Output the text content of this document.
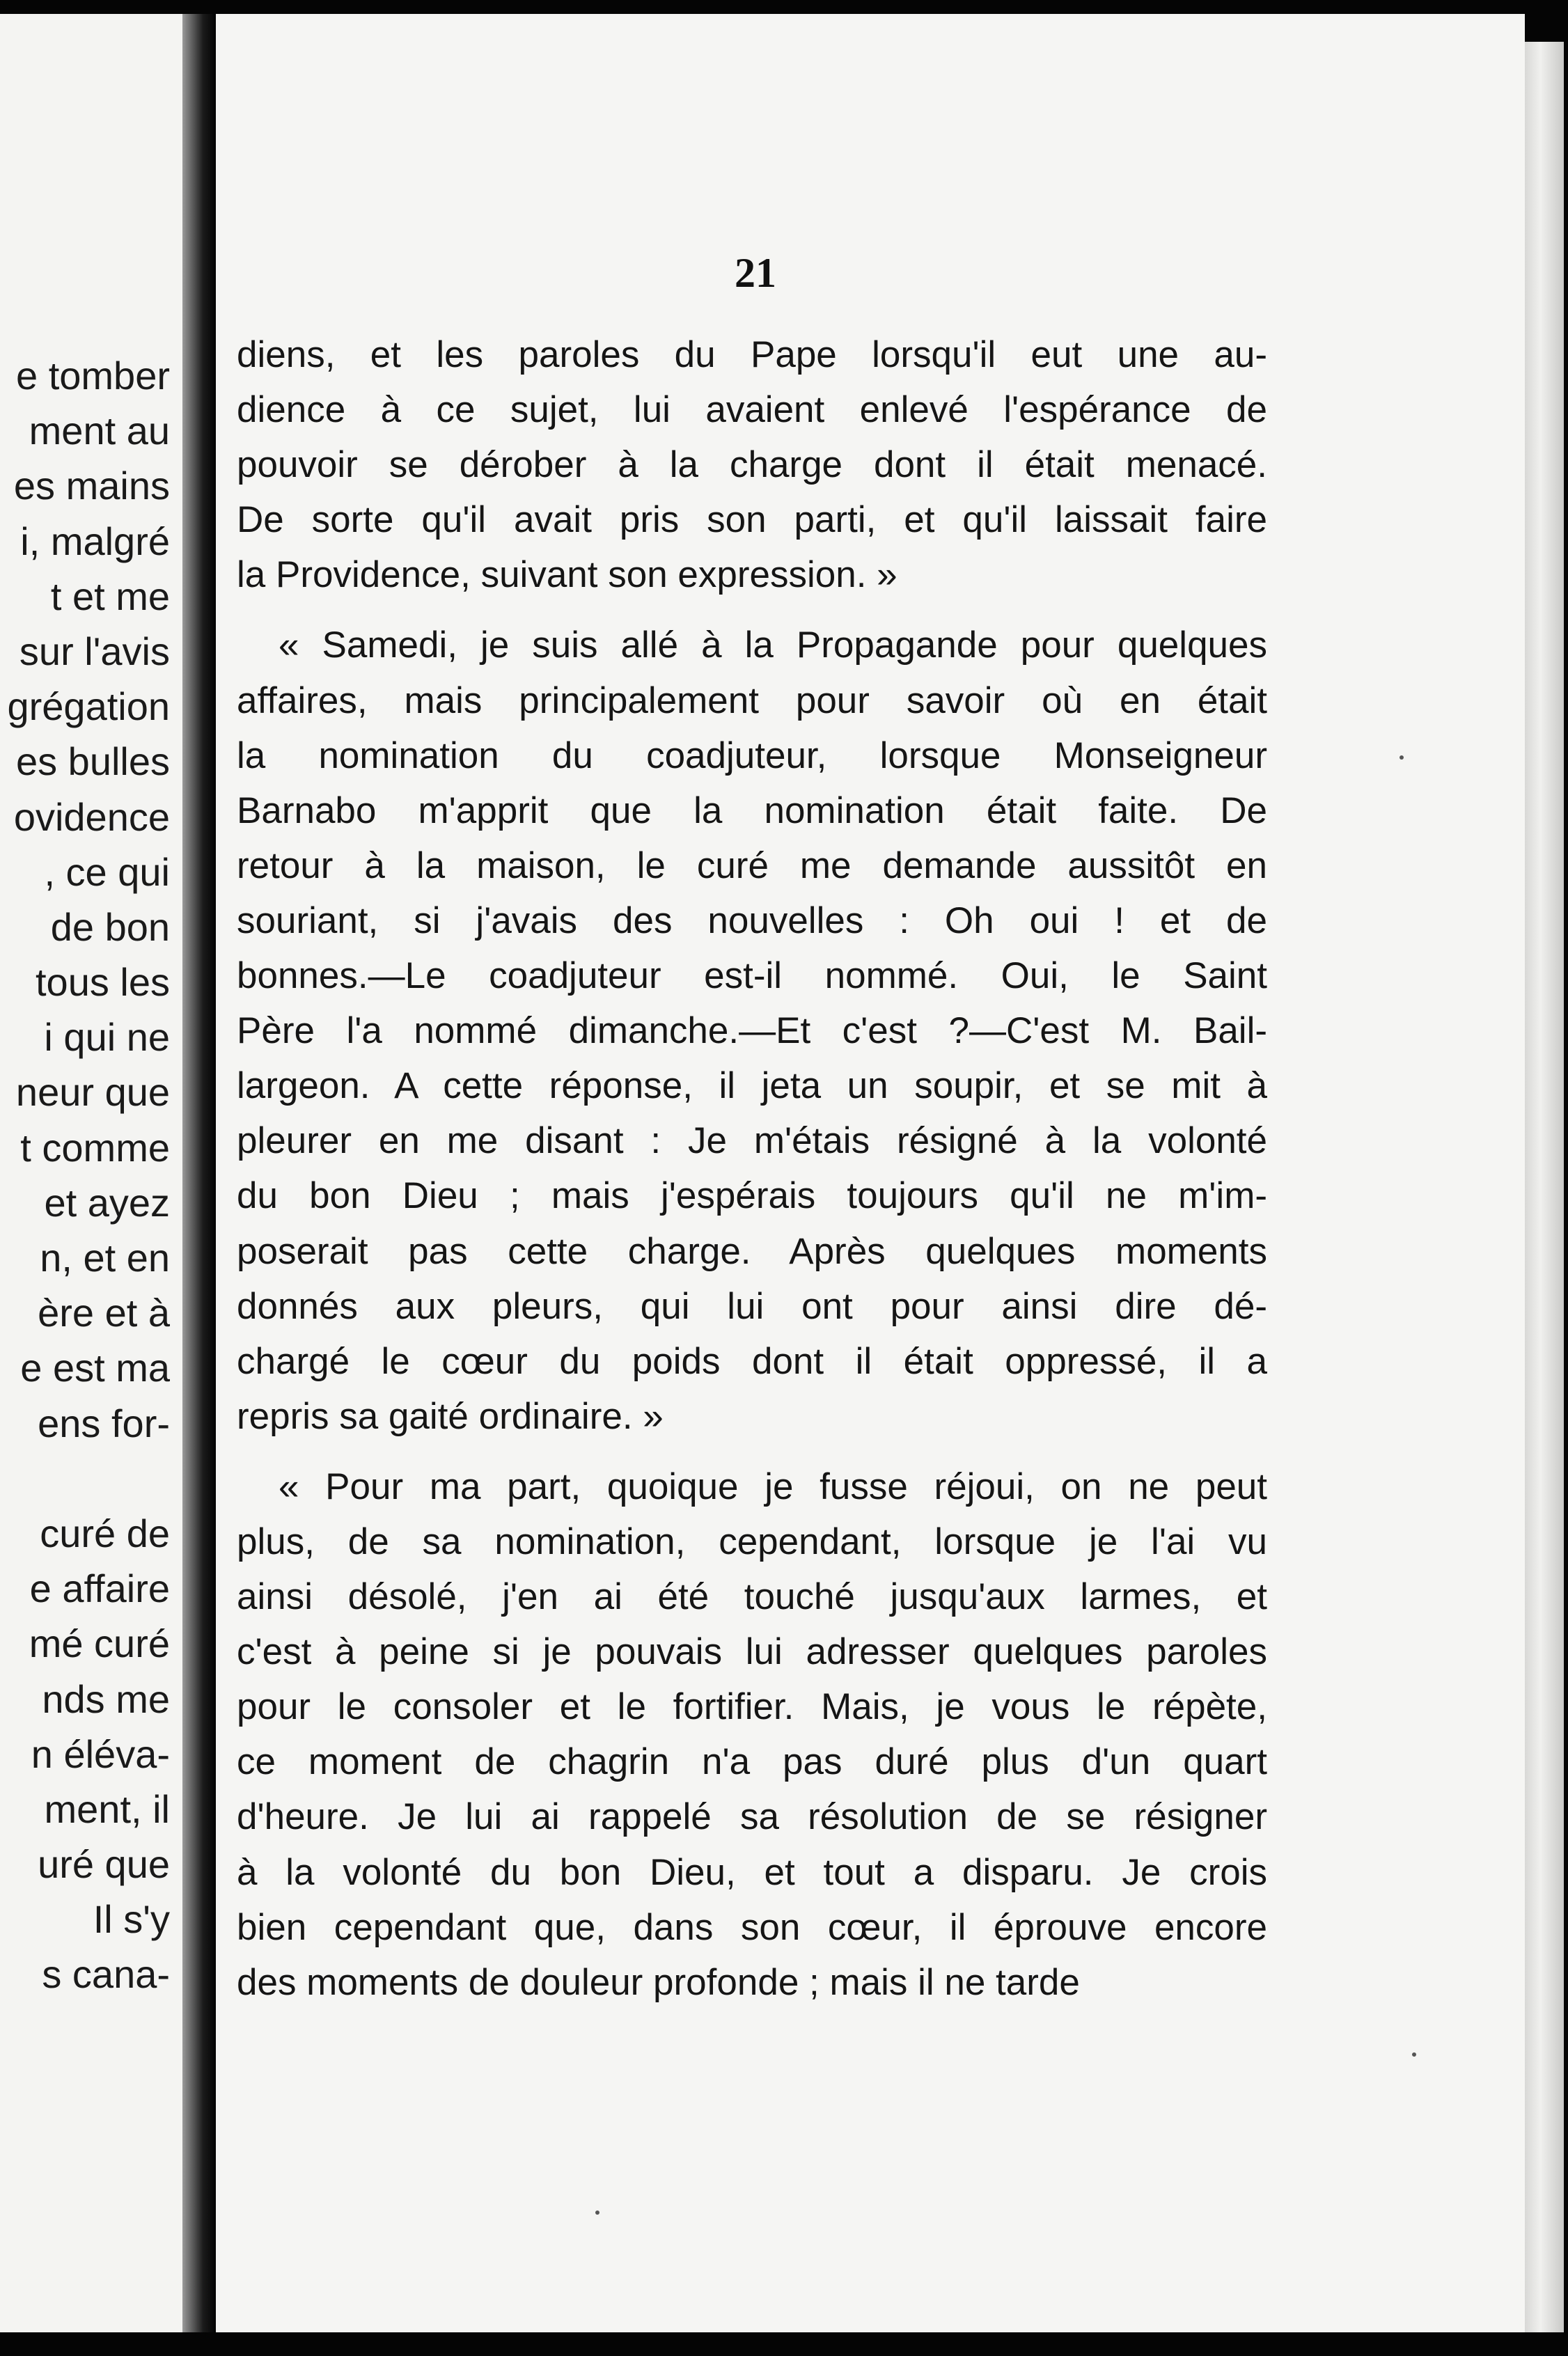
e tomber
ment au
es mains
i, malgré
t et me
sur l'avis
grégation
es bulles
ovidence
, ce qui
de bon
tous les
i qui ne
neur que
t comme
et ayez
n, et en
ère et à
e est ma
ens for-
curé de
e affaire
mé curé
nds me
n éléva-
ment, il
uré que
Il s'y
s cana-
21
diens, et les paroles du Pape lorsqu'il eut une au-
dience à ce sujet, lui avaient enlevé l'espérance de
pouvoir se dérober à la charge dont il était menacé.
De sorte qu'il avait pris son parti, et qu'il laissait faire
la Providence, suivant son expression. »
« Samedi, je suis allé à la Propagande pour quelques
affaires, mais principalement pour savoir où en était
la nomination du coadjuteur, lorsque Monseigneur
Barnabo m'apprit que la nomination était faite. De
retour à la maison, le curé me demande aussitôt en
souriant, si j'avais des nouvelles : Oh oui ! et de
bonnes.—Le coadjuteur est-il nommé. Oui, le Saint
Père l'a nommé dimanche.—Et c'est ?—C'est M. Bail-
largeon. A cette réponse, il jeta un soupir, et se mit à
pleurer en me disant : Je m'étais résigné à la volonté
du bon Dieu ; mais j'espérais toujours qu'il ne m'im-
poserait pas cette charge. Après quelques moments
donnés aux pleurs, qui lui ont pour ainsi dire dé-
chargé le cœur du poids dont il était oppressé, il a
repris sa gaité ordinaire. »
« Pour ma part, quoique je fusse réjoui, on ne peut
plus, de sa nomination, cependant, lorsque je l'ai vu
ainsi désolé, j'en ai été touché jusqu'aux larmes, et
c'est à peine si je pouvais lui adresser quelques paroles
pour le consoler et le fortifier. Mais, je vous le répète,
ce moment de chagrin n'a pas duré plus d'un quart
d'heure. Je lui ai rappelé sa résolution de se résigner
à la volonté du bon Dieu, et tout a disparu. Je crois
bien cependant que, dans son cœur, il éprouve encore
des moments de douleur profonde ; mais il ne tarde
